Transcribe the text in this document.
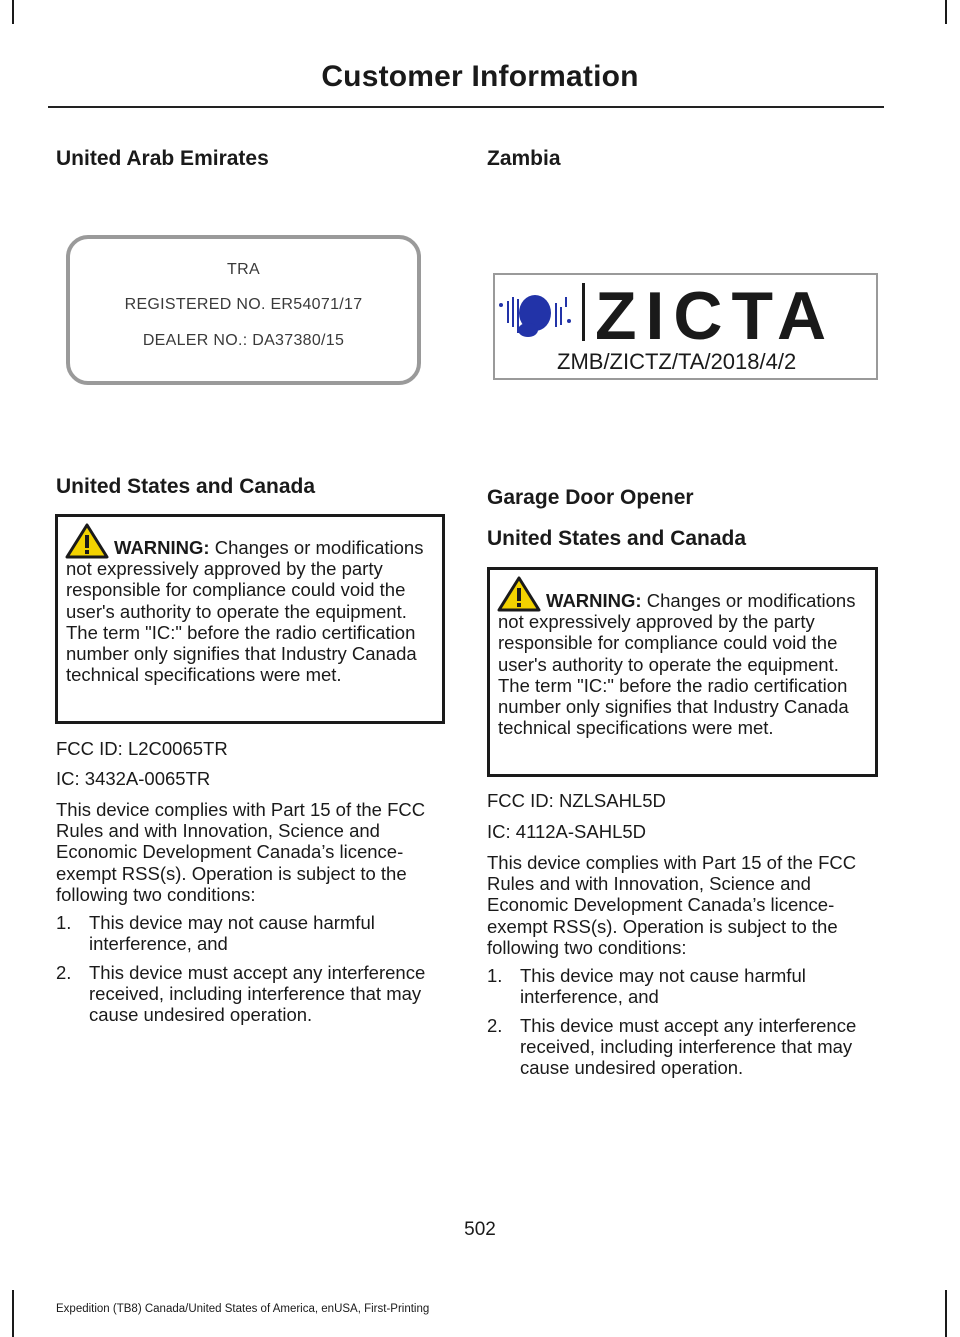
Customer Information
United Arab Emirates
TRA
REGISTERED NO. ER54071/17
DEALER NO.: DA37380/15
United States and Canada
WARNING: Changes or modifications not expressively approved by the party responsible for compliance could void the user's authority to operate the equipment. The term "IC:" before the radio certification number only signifies that Industry Canada technical specifications were met.
FCC ID: L2C0065TR
IC: 3432A-0065TR
This device complies with Part 15 of the FCC Rules and with Innovation, Science and Economic Development Canada’s licence-exempt RSS(s). Operation is subject to the following two conditions:
1. This device may not cause harmful interference, and
2. This device must accept any interference received, including interference that may cause undesired operation.
Zambia
ZICTA
ZMB/ZICTZ/TA/2018/4/2
Garage Door Opener
United States and Canada
WARNING: Changes or modifications not expressively approved by the party responsible for compliance could void the user's authority to operate the equipment. The term "IC:" before the radio certification number only signifies that Industry Canada technical specifications were met.
FCC ID: NZLSAHL5D
IC: 4112A-SAHL5D
This device complies with Part 15 of the FCC Rules and with Innovation, Science and Economic Development Canada’s licence-exempt RSS(s). Operation is subject to the following two conditions:
1. This device may not cause harmful interference, and
2. This device must accept any interference received, including interference that may cause undesired operation.
502
Expedition (TB8) Canada/United States of America, enUSA, First-Printing
